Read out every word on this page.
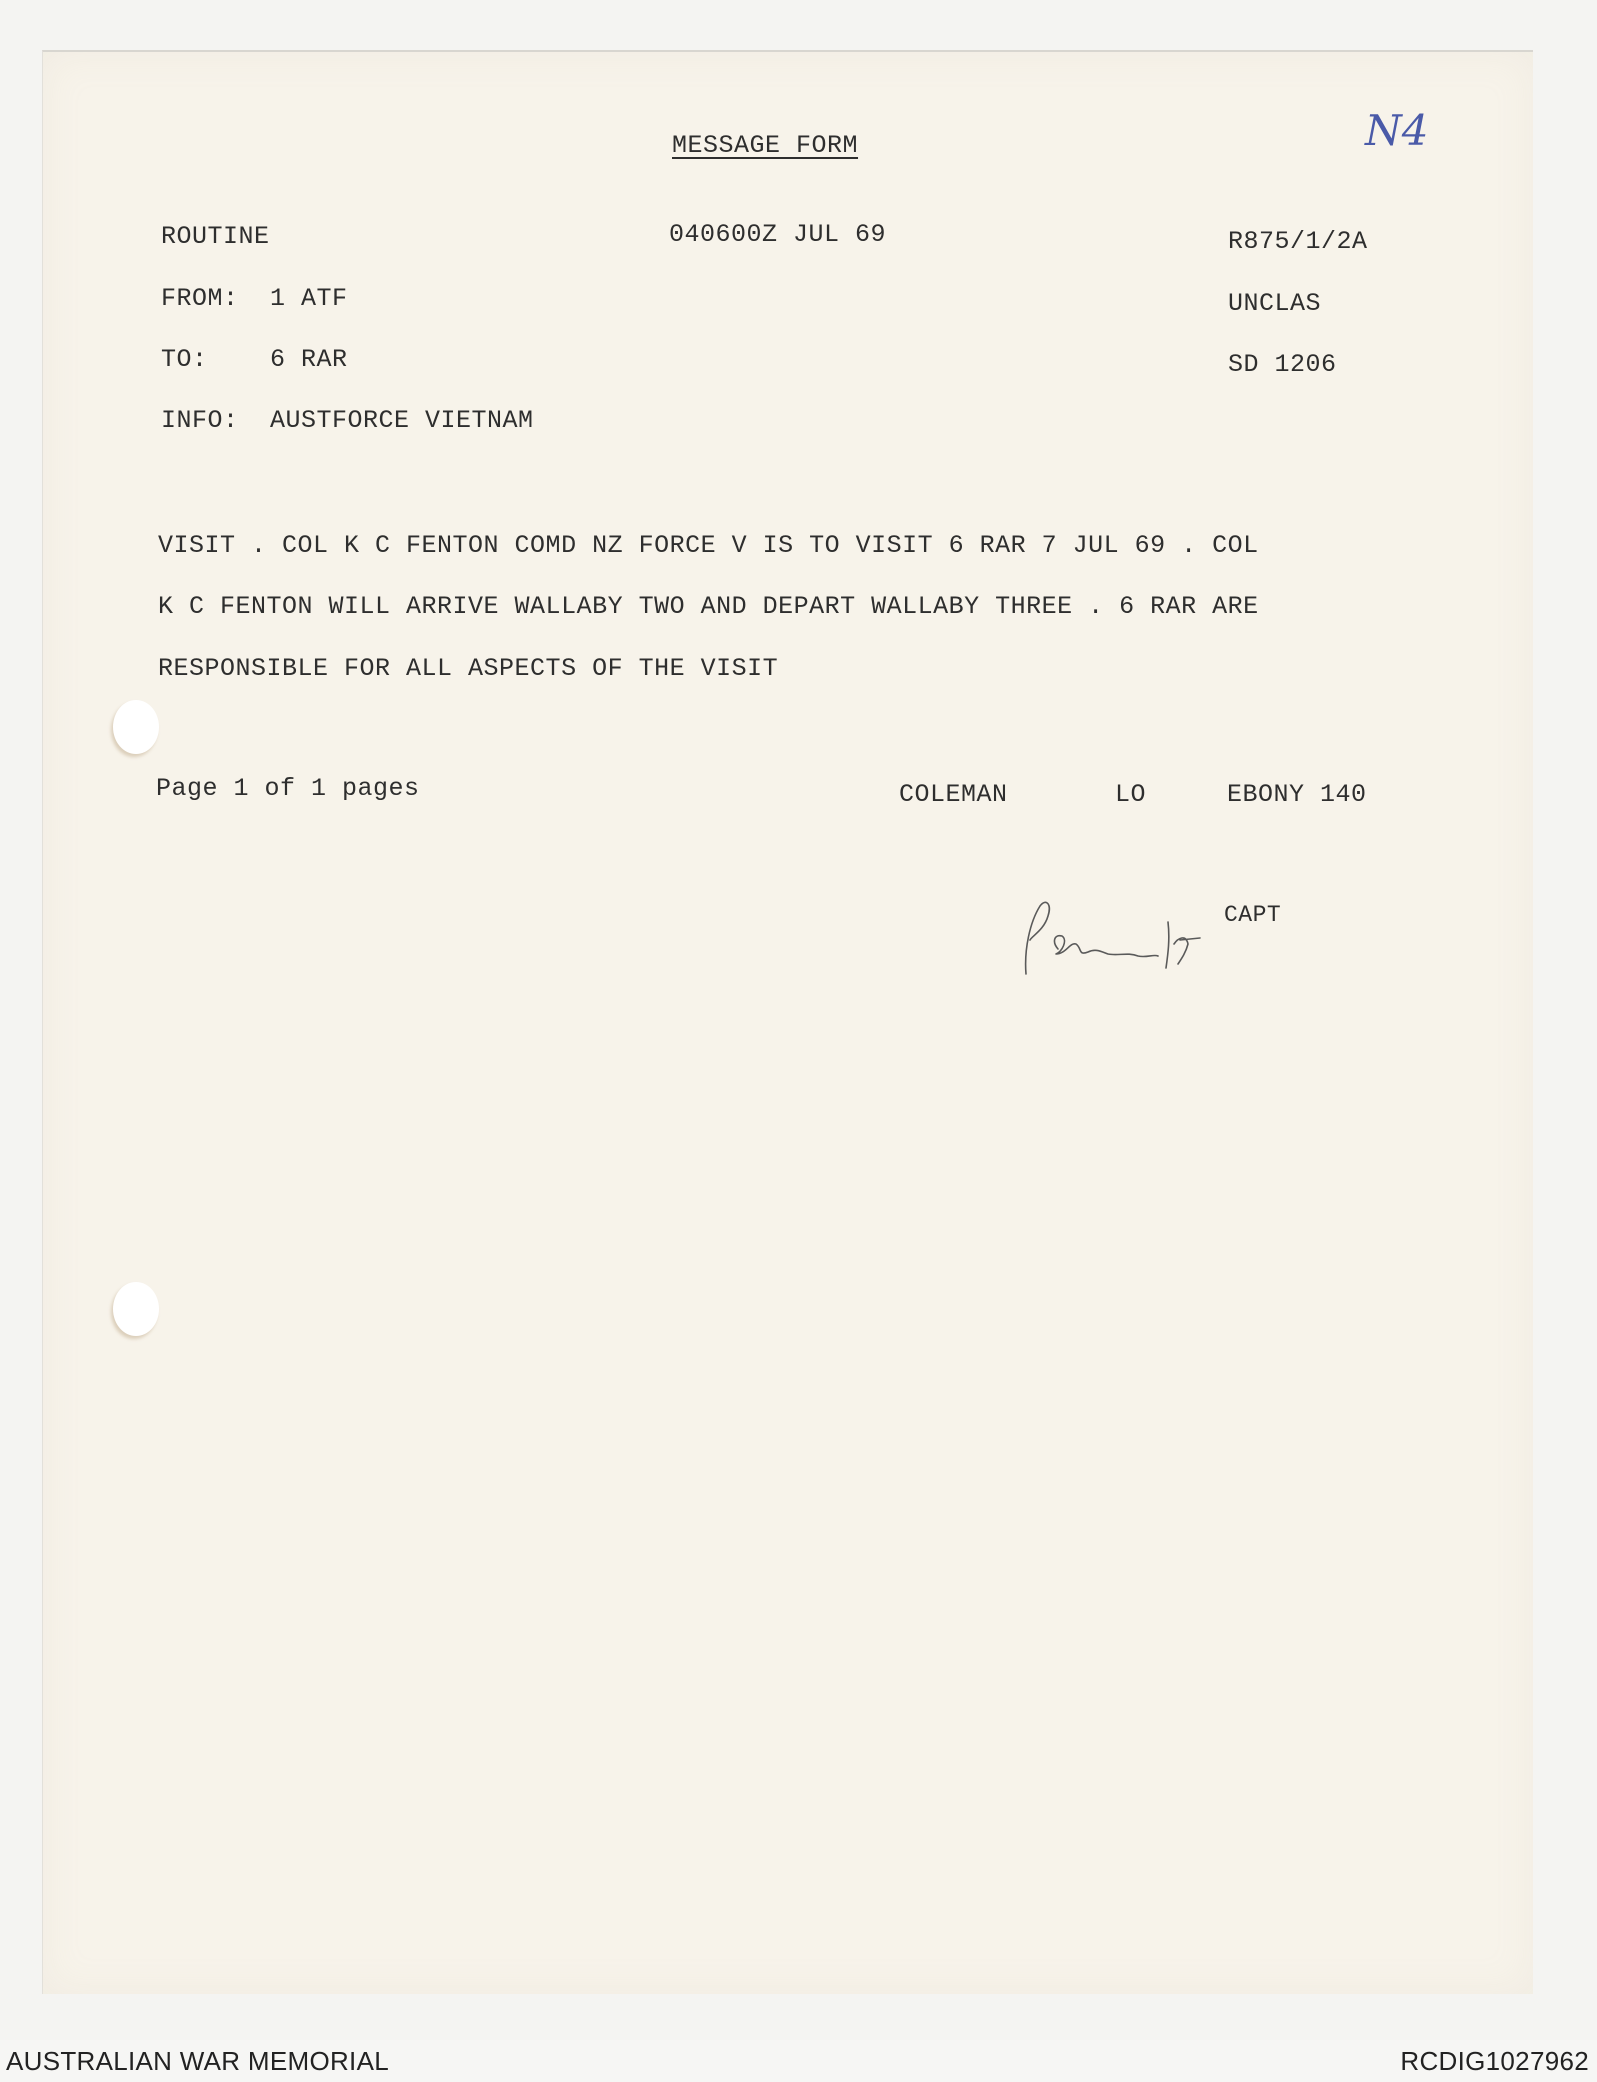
MESSAGE FORM	N4
ROUTINE	040600Z JUL 69	R875/1/2A
FROM: 1 ATF	UNCLAS
TO: 6 RAR	SD 1206
INFO: AUSTFORCE VIETNAM
VISIT . COL K C FENTON COMD NZ FORCE V IS TO VISIT 6 RAR 7 JUL 69 . COL
K C FENTON WILL ARRIVE WALLABY TWO AND DEPART WALLABY THREE . 6 RAR ARE
RESPONSIBLE FOR ALL ASPECTS OF THE VISIT
Page 1 of 1 pages	COLEMAN	LO	EBONY 140
CAPT
AUSTRALIAN WAR MEMORIAL	RCDIG1027962
